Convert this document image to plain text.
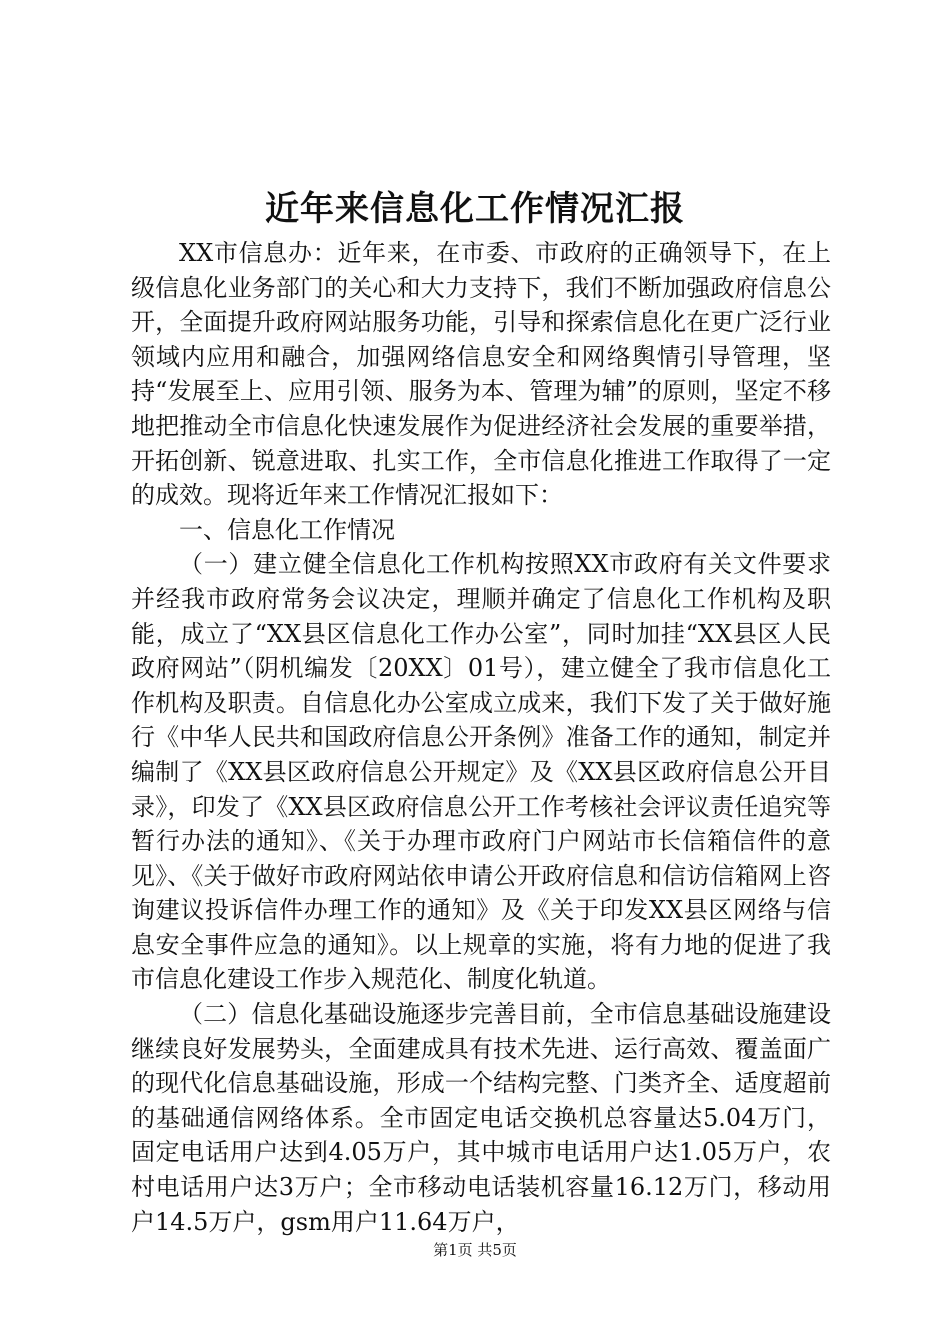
近年来信息化工作情况汇报

XX市信息办：近年来，在市委、市政府的正确领导下，在上级信息化业务部门的关心和大力支持下，我们不断加强政府信息公开，全面提升政府网站服务功能，引导和探索信息化在更广泛行业领域内应用和融合，加强网络信息安全和网络舆情引导管理，坚持“发展至上、应用引领、服务为本、管理为辅”的原则，坚定不移地把推动全市信息化快速发展作为促进经济社会发展的重要举措，开拓创新、锐意进取、扎实工作，全市信息化推进工作取得了一定的成效。现将近年来工作情况汇报如下：

一、信息化工作情况

（一）建立健全信息化工作机构按照XX市政府有关文件要求并经我市政府常务会议决定，理顺并确定了信息化工作机构及职能，成立了“XX县区信息化工作办公室”，同时加挂“XX县区人民政府网站”（阴机编发〔20XX〕01号），建立健全了我市信息化工作机构及职责。自信息化办公室成立成来，我们下发了关于做好施行《中华人民共和国政府信息公开条例》准备工作的通知，制定并编制了《XX县区政府信息公开规定》及《XX县区政府信息公开目录》，印发了《XX县区政府信息公开工作考核社会评议责任追究等暂行办法的通知》、《关于办理市政府门户网站市长信箱信件的意见》、《关于做好市政府网站依申请公开政府信息和信访信箱网上咨询建议投诉信件办理工作的通知》及《关于印发XX县区网络与信息安全事件应急的通知》。以上规章的实施，将有力地的促进了我市信息化建设工作步入规范化、制度化轨道。

（二）信息化基础设施逐步完善目前，全市信息基础设施建设继续良好发展势头，全面建成具有技术先进、运行高效、覆盖面广的现代化信息基础设施，形成一个结构完整、门类齐全、适度超前的基础通信网络体系。全市固定电话交换机总容量达5.04万门，固定电话用户达到4.05万户，其中城市电话用户达1.05万户，农村电话用户达3万户；全市移动电话装机容量16.12万门，移动用户14.5万户，gsm用户11.64万户，

第1页 共5页
